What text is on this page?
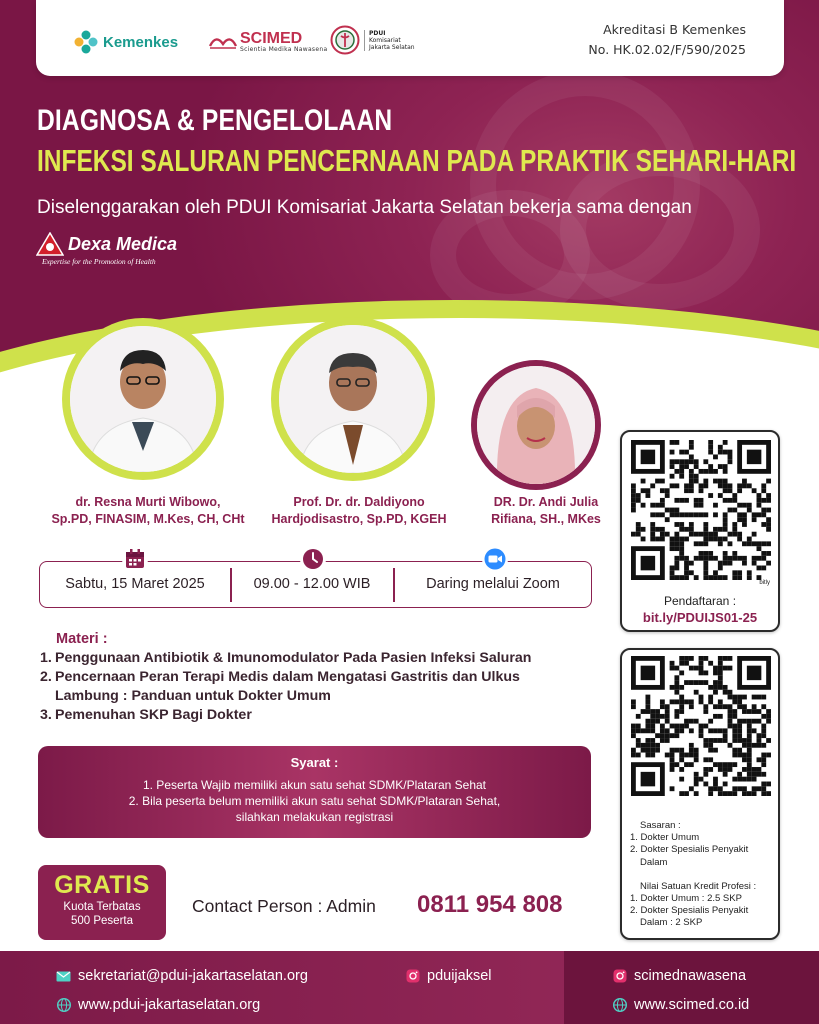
Kemenkes	SCIMED
Scientia Medika Nawasena
PDUI
Komisariat
Jakarta Selatan
Akreditasi B Kemenkes
No. HK.02.02/F/590/2025
DIAGNOSA & PENGELOLAAN
INFEKSI SALURAN PENCERNAAN PADA PRAKTIK SEHARI-HARI
Diselenggarakan oleh PDUI Komisariat Jakarta Selatan bekerja sama dengan
Dexa Medica
Expertise for the Promotion of Health
Moderator :
dr. Resna Murti Wibowo,
Sp.PD, FINASIM, M.Kes, CH, CHt
Prof. Dr. dr. Daldiyono
Hardjodisastro, Sp.PD, KGEH
DR. Dr. Andi Julia
Rifiana, SH., MKes
Sabtu, 15 Maret 2025	09.00 - 12.00 WIB	Daring melalui Zoom
Materi :
1. Penggunaan Antibiotik & Imunomodulator Pada Pasien Infeksi Saluran
2. Pencernaan Peran Terapi Medis dalam Mengatasi Gastritis dan Ulkus
Lambung : Panduan untuk Dokter Umum
3. Pemenuhan SKP Bagi Dokter
Syarat :
1. Peserta Wajib memiliki akun satu sehat SDMK/Plataran Sehat
2. Bila peserta belum memiliki akun satu sehat SDMK/Plataran Sehat,
silahkan melakukan registrasi
GRATIS
Kuota Terbatas
500 Peserta
Contact Person : Admin 0811 954 808
bitly
Pendaftaran :
bit.ly/PDUIJS01-25
Sasaran :
1. Dokter Umum
2. Dokter Spesialis Penyakit
Dalam
Nilai Satuan Kredit Profesi :
1. Dokter Umum : 2.5 SKP
2. Dokter Spesialis Penyakit
Dalam : 2 SKP
sekretariat@pdui-jakartaselatan.org
www.pdui-jakartaselatan.org
pduijaksel	scimednawasena
www.scimed.co.id
